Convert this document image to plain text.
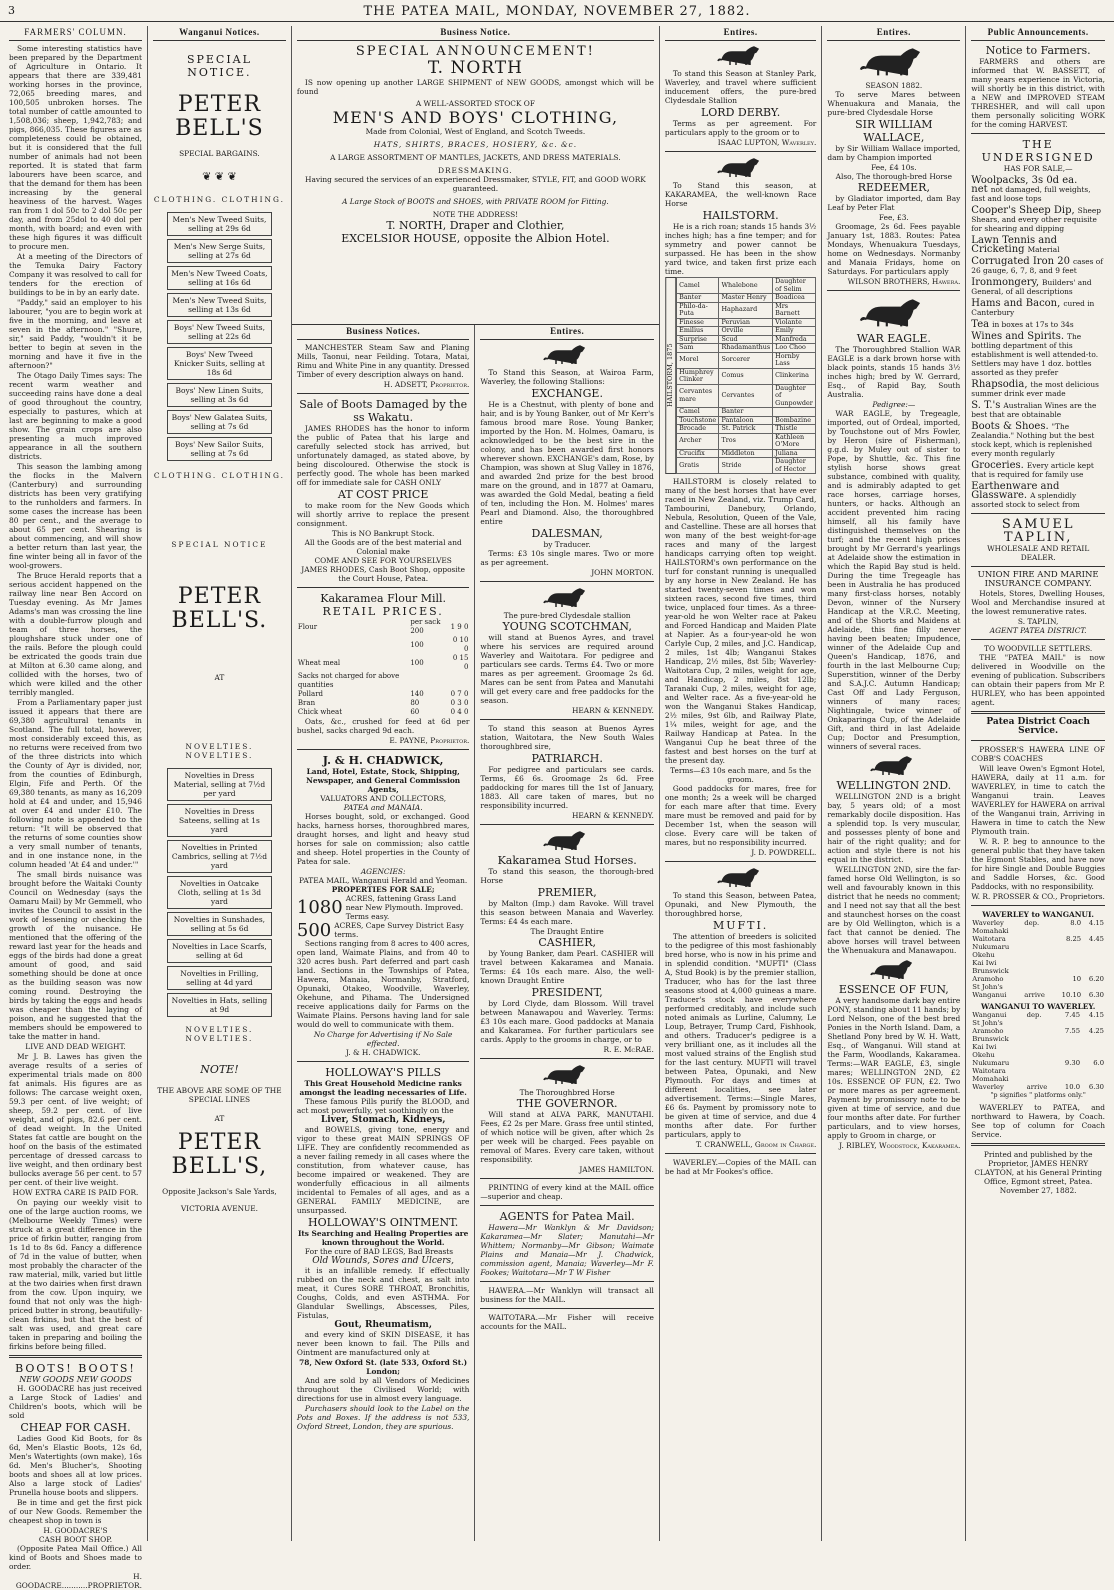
3	THE PATEA MAIL, MONDAY, NOVEMBER 27, 1882.
FARMERS' COLUMN.

Some interesting statistics have been prepared by the Department of Agriculture in Ontario. It appears that there are 339,481 working horses in the province, 72,065 breeding mares, and 100,505 unbroken horses. The total number of cattle amounted to 1,508,036; sheep, 1,942,783; and pigs, 866,035. These figures are as completeness could be obtained, but it is considered that the full number of animals had not been reported. It is stated that farm labourers have been scarce, and that the demand for them has been increasing by the general heaviness of the harvest. Wages ran from 1 dol 50c to 2 dol 50c per day, and from 25dol to 40 dol per month, with board; and even with these high figures it was difficult to procure men.

At a meeting of the Directors of the Temuka Dairy Factory Company it was resolved to call for tenders for the erection of buildings to be in by an early date.

"Paddy," said an employer to his labourer, "you are to begin work at five in the morning, and leave at seven in the afternoon." "Shure, sir," said Paddy, "wouldn't it be better to begin at seven in the morning and have it five in the afternoon?"

The Otago Daily Times says: The recent warm weather and succeeding rains have done a deal of good throughout the country, especially to pastures, which at last are beginning to make a good show. The grain crops are also presenting a much improved appearance in all the southern districts.

This season the lambing among the flocks in the Malvern (Canterbury) and surrounding districts has been very gratifying to the runholders and farmers. In some cases the increase has been 80 per cent., and the average to about 65 per cent. Shearing is about commencing, and will show a better return than last year, the fine winter being all in favor of the wool-growers.

The Bruce Herald reports that a serious accident happened on the railway line near Ben Accord on Tuesday evening. As Mr James Adams's man was crossing the line with a double-furrow plough and team of three horses, the ploughshare stuck under one of the rails. Before the plough could be extricated the goods train due at Milton at 6.30 came along, and collided with the horses, two of which were killed and the other terribly mangled.

From a Parliamentary paper just issued it appears that there are 69,380 agricultural tenants in Scotland. The full total, however, most considerably exceed this, as no returns were received from two of the three districts into which the County of Ayr is divided, nor, from the counties of Edinburgh, Elgin, Fife and Perth. Of the 69,380 tenants, as many as 16,209 hold at £4 and under, and 15,946 at over £4 and under £10. The following note is appended to the return: "It will be observed that the returns of some counties show a very small number of tenants, and in one instance none, in the column headed 'At £4 and under.'"

The small birds nuisance was brought before the Waitaki County Council on Wednesday (says the Oamaru Mail) by Mr Gemmell, who invites the Council to assist in the work of lessening or checking the growth of the nuisance. He mentioned that the offering of the reward last year for the heads and eggs of the birds had done a great amount of good, and said something should be done at once as the building season was now coming round. Destroying the birds by taking the eggs and heads was cheaper than the laying of poison, and he suggested that the members should be empowered to take the matter in hand.

LIVE AND DEAD WEIGHT.

Mr J. B. Lawes has given the average results of a series of experimental trials made on 800 fat animals. His figures are as follows: The carcase weight oxen, 59.3 per cent. of live weight; of sheep, 59.2 per cent. of live weight, and of pigs, 82.6 per cent. of dead weight. In the United States fat cattle are bought on the hoof on the basis of the estimated percentage of dressed carcass to live weight, and then ordinary best bullocks average 56 per cent. to 57 per cent. of their live weight.

HOW EXTRA CARE IS PAID FOR.

On paying our weekly visit to one of the large auction rooms, we (Melbourne Weekly Times) were struck at a great difference in the price of firkin butter, ranging from 1s 1d to 8s 6d. Fancy a difference of 7d in the value of butter, when most probably the character of the raw material, milk, varied but little at the two dairies when first drawn from the cow. Upon inquiry, we found that not only was the high-priced butter in strong, beautifully-clean firkins, but that the best of salt was used, and great care taken in preparing and boiling the firkins before being filled.

BOOTS! BOOTS!
NEW GOODS NEW GOODS

H. GOODACRE has just received a Large Stock of Ladies' and Children's boots, which will be sold

CHEAP FOR CASH.

Ladies Good Kid Boots, for 8s 6d, Men's Elastic Boots, 12s 6d, Men's Watertights (own make), 16s 6d. Men's Blucher's, Shooting boots and shoes all at low prices. Also a large stock of Ladies' Prunella house boots and slippers.

Be in time and get the first pick of our New Goods. Remember the cheapest shop in town is

H. GOODACRE'S
CASH BOOT SHOP.

(Opposite Patea Mail Office.) All kind of Boots and Shoes made to order.

H. GOODACRE...........PROPRIETOR.
Wanganui Notices.
SPECIAL NOTICE.
PETER BELL'S
SPECIAL BARGAINS.
❦ ❦ ❦
CLOTHING. CLOTHING.
Men's New Tweed Suits, selling at 29s 6d
Men's New Serge Suits, selling at 27s 6d
Men's New Tweed Coats, selling at 16s 6d
Men's New Tweed Suits, selling at 13s 6d
Boys' New Tweed Suits, selling at 22s 6d
Boys' New Tweed Knicker Suits, selling at 18s 6d
Boys' New Linen Suits, selling at 3s 6d
Boys' New Galatea Suits, selling at 7s 6d
Boys' New Sailor Suits, selling at 7s 6d
CLOTHING. CLOTHING.
SPECIAL NOTICE
PETER BELL'S.
AT
NOVELTIES. NOVELTIES.
Novelties in Dress Material, selling at 7½d per yard
Novelties in Dress Sateens, selling at 1s yard
Novelties in Printed Cambrics, selling at 7½d yard
Novelties in Oatcake Cloth, selling at 1s 3d yard
Novelties in Sunshades, selling at 5s 6d
Novelties in Lace Scarfs, selling at 6d
Novelties in Frilling, selling at 4d yard
Novelties in Hats, selling at 9d
NOVELTIES. NOVELTIES.
NOTE!
THE ABOVE ARE SOME OF THE SPECIAL LINES
AT
PETER BELL'S,
Opposite Jackson's Sale Yards,
VICTORIA AVENUE.
Business Notice.
SPECIAL ANNOUNCEMENT!
T. NORTH

IS now opening up another LARGE SHIPMENT of NEW GOODS, amongst which will be found

A WELL-ASSORTED STOCK OF
MEN'S AND BOYS' CLOTHING,
Made from Colonial, West of England, and Scotch Tweeds.
HATS, SHIRTS, BRACES, HOSIERY, &c. &c.
A LARGE ASSORTMENT OF MANTLES, JACKETS, AND DRESS MATERIALS.
DRESSMAKING.
Having secured the services of an experienced Dressmaker, STYLE, FIT, and GOOD WORK guaranteed.
A Large Stock of BOOTS and SHOES, with PRIVATE ROOM for Fitting.
NOTE THE ADDRESS!
T. NORTH, Draper and Clothier,
EXCELSIOR HOUSE, opposite the Albion Hotel.
Business Notices.

MANCHESTER Steam Saw and Planing Mills, Taonui, near Feilding. Totara, Matai, Rimu and White Pine in any quantity. Dressed Timber of every description always on hand.

H. ADSETT, Proprietor.
Sale of Boots Damaged by the ss Wakatu.

JAMES RHODES has the honor to inform the public of Patea that his large and carefully selected stock has arrived, but unfortunately damaged, as stated above, by being discoloured. Otherwise the stock is perfectly good. The whole has been marked off for immediate sale for CASH ONLY

AT COST PRICE

to make room for the New Goods which will shortly arrive to replace the present consignment.

This is NO Bankrupt Stock.
All the Goods are of the best material and Colonial make
COME AND SEE FOR YOURSELVES
JAMES RHODES, Cash Boot Shop, opposite the Court House, Patea.
Kakaramea Flour Mill.
RETAIL PRICES.
Flour	per sack 200	1 9 0
	100	0 10 0
Wheat meal	100	0 15 0
Sacks not charged for above quantities		
Pollard	140	0 7 0
Bran	80	0 3 0
Chick wheat	60	0 4 0

Oats, &c., crushed for feed at 6d per bushel, sacks charged 9d each.

E. PAYNE, Proprietor.
J. & H. CHADWICK,
Land, Hotel, Estate, Stock, Shipping, Newspaper, and General Commission Agents,
VALUATORS AND COLLECTORS,
PATEA and MANAIA.

Horses bought, sold, or exchanged. Good hacks, harness horses, thoroughbred mares, draught horses, and light and heavy stud horses for sale on commission; also cattle and sheep. Hotel properties in the County of Patea for sale.

AGENCIES:
PATEA MAIL, Wanganui Herald and Yeoman.
PROPERTIES FOR SALE;
1080 ACRES, fattening Grass Land near New Plymouth. Improved. Terms easy.
500 ACRES, Cape Survey District Easy terms.

Sections ranging from 8 acres to 400 acres, open land, Waimate Plains, and from 40 to 320 acres bush. Part deferred and part cash land. Sections in the Townships of Patea, Hawera, Manaia, Normanby, Stratford, Opunaki, Otakeo, Woodville, Waverley, Okehune, and Pihama. The Undersigned receive applications daily for Farms on the Waimate Plains. Persons having land for sale would do well to communicate with them.

No Charge for Advertising if No Sale effected.
J. & H. CHADWICK.
HOLLOWAY'S PILLS
This Great Household Medicine ranks amongst the leading necessaries of Life.

These famous Pills purify the BLOOD, and act most powerfully, yet soothingly on the

Liver, Stomach, Kidneys,

and BOWELS, giving tone, energy and vigor to these great MAIN SPRINGS OF LIFE. They are confidently recommended as a never failing remedy in all cases where the constitution, from whatever cause, has become impaired or weakened. They are wonderfully efficacious in all ailments incidental to Females of all ages, and as a GENERAL FAMILY MEDICINE, are unsurpassed.

HOLLOWAY'S OINTMENT.
Its Searching and Healing Properties are known throughout the World.

For the cure of BAD LEGS, Bad Breasts

Old Wounds, Sores and Ulcers,

it is an infallible remedy. If effectually rubbed on the neck and chest, as salt into meat, it Cures SORE THROAT, Bronchitis, Coughs, Colds, and even ASTHMA. For Glandular Swellings, Abscesses, Piles, Fistulas,

Gout, Rheumatism,

and every kind of SKIN DISEASE, it has never been known to fail. The Pills and Ointment are manufactured only at

78, New Oxford St. (late 533, Oxford St.) London;

And are sold by all Vendors of Medicines throughout the Civilised World; with directions for use in almost every language.

Purchasers should look to the Label on the Pots and Boxes. If the address is not 533, Oxford Street, London, they are spurious.

Entires.

To Stand this Season, at Wairoa Farm, Waverley, the following Stallions:

EXCHANGE.

He is a Chestnut, with plenty of bone and hair, and is by Young Banker, out of Mr Kerr's famous brood mare Rose. Young Banker, imported by the Hon. M. Holmes, Oamaru, is acknowledged to be the best sire in the colony, and has been awarded first honors wherever shown. EXCHANGE's dam, Rose, by Champion, was shown at Slug Valley in 1876, and awarded 2nd prize for the best brood mare on the ground, and in 1877 at Oamaru, was awarded the Gold Medal, beating a field of ten, including the Hon. M. Holmes' mares Pearl and Diamond. Also, the thoroughbred entire

DALESMAN,
by Traducer.

Terms: £3 10s single mares. Two or more as per agreement.

JOHN MORTON.
The pure-bred Clydesdale stallion
YOUNG SCOTCHMAN,

will stand at Buenos Ayres, and travel where his services are required around Waverley and Waitotara. For pedigree and particulars see cards. Terms £4. Two or more mares as per agreement. Groomage 2s 6d. Mares can be sent from Patea and Manutahi will get every care and free paddocks for the season.

HEARN & KENNEDY.

To stand this season at Buenos Ayres station, Waitotara, the New South Wales thoroughbred sire,

PATRIARCH.

For pedigree and particulars see cards. Terms, £6 6s. Groomage 2s 6d. Free paddocking for mares till the 1st of January, 1883. All care taken of mares, but no responsibility incurred.

HEARN & KENNEDY.
Kakaramea Stud Horses.

To stand this season, the thorough-bred Horse

PREMIER,

by Malton (Imp.) dam Ravoke. Will travel this season between Manaia and Waverley. Terms: £4 4s each mare.

The Draught Entire
CASHIER,

by Young Banker, dam Pearl. CASHIER will travel between Kakaramea and Manaia. Terms: £4 10s each mare. Also, the well-known Draught Entire

PRESIDENT,

by Lord Clyde, dam Blossom. Will travel between Manawapou and Waverley. Terms: £3 10s each mare. Good paddocks at Manaia and Kakaramea. For further particulars see cards. Apply to the grooms in charge, or to

R. E. McRAE.
The Thoroughbred Horse
THE GOVERNOR.

Will stand at ALVA PARK, MANUTAHI. Fees, £2 2s per Mare. Grass free until stinted, of which notice will be given, after which 2s per week will be charged. Fees payable on removal of Mares. Every care taken, without responsibility.

JAMES HAMILTON.

PRINTING of every kind at the MAIL office—superior and cheap.

AGENTS for Patea Mail.

Hawera—Mr Wanklyn & Mr Davidson; Kakaramea—Mr Slater; Manutahi—Mr Whittem; Normanby—Mr Gibson; Waimate Plains and Manaia—Mr J. Chadwick, commission agent, Manaia; Waverley—Mr F. Fookes; Waitotara—Mr T W Fisher

HAWERA.—Mr Wanklyn will transact all business for the MAIL.

WAITOTARA.—Mr Fisher will receive accounts for the MAIL.

Entires.

To stand this Season at Stanley Park, Waverley, and travel where sufficient inducement offers, the pure-bred Clydesdale Stallion

LORD DERBY.

Terms as per agreement. For particulars apply to the groom or to

ISAAC LUPTON, Waverley.

To Stand this season, at KAKARAMEA, the well-known Race Horse

HAILSTORM.

He is a rich roan; stands 15 hands 3½ inches high; has a fine temper; and for symmetry and power cannot be surpassed. He has been in the show yard twice, and taken first prize each time.

HAILSTORM, 1875
Camel	Whalebone	Daughter of Selim
Banter	Master Henry	Boadicea
Philo-da-Puta	Haphazard	Mrs Barnett
Finesse	Peruvian	Violante
Emilius	Orville	Emily
Surprise	Scud	Manfreda
Sam	Rhadamanthus	Loo Choo
Morel	Sorcerer	Hornby Lass
Humphrey Clinker	Comus	Clinkerina
Cervantes mare	Cervantes	Daughter of Gunpowder
Camel	Banter	
Touchstone	Pantaloon	Bombazine
Brocade	St. Patrick	Thistle
Archer	Tros	Kathleen O'More
Crucifix	Middleton	Juliana
Gratis	Stride	Daughter of Hector

HAILSTORM is closely related to many of the best horses that have ever raced in New Zealand, viz. Trump Card, Tambourini, Danebury, Orlando, Nebula, Resolution, Queen of the Vale, and Castelline. These are all horses that won many of the best weight-for-age races and many of the largest handicaps carrying often top weight. HAILSTORM's own performance on the turf for constant running is unequalled by any horse in New Zealand. He has started twenty-seven times and won sixteen races, second five times, third twice, unplaced four times. As a three-year-old he won Welter race at Pakeu and Forced Handicap and Maiden Plate at Napier. As a four-year-old he won Carlyle Cup, 2 miles, and J.C. Handicap, 2 miles, 1st 4lb; Wanganui Stakes Handicap, 2½ miles, 8st 5lb; Waverley-Waitotara Cup, 2 miles, weight for age, and Handicap, 2 miles, 8st 12lb; Taranaki Cup, 2 miles, weight for age, and Welter race. As a five-year-old he won the Wanganui Stakes Handicap, 2½ miles, 9st 6lb, and Railway Plate, 1¼ miles, weight for age, and the Railway Handicap at Patea. In the Wanganui Cup he beat three of the fastest and best horses on the turf at the present day.

Terms—£3 10s each mare, and 5s the groom.

Good paddocks for mares, free for one month; 2s a week will be charged for each mare after that time. Every mare must be removed and paid for by December 1st, when the season will close. Every care will be taken of mares, but no responsibility incurred.

J. D. POWDRELL.

To stand this Season, between Patea, Opunaki, and New Plymouth, the thoroughbred horse,

MUFTI.

The attention of breeders is solicited to the pedigree of this most fashionably bred horse, who is now in his prime and in splendid condition. "MUFTI" (Class A, Stud Book) is by the premier stallion, Traducer, who has for the last three seasons stood at 4,000 guineas a mare. Traducer's stock have everywhere performed creditably, and include such noted animals as Lurline, Calumny, Le Loup, Betrayer, Trump Card, Fishhook, and others. Traducer's pedigree is a very brilliant one, as it includes all the most valued strains of the English stud for the last century. MUFTI will travel between Patea, Opunaki, and New Plymouth. For days and times at different localities, see later advertisement. Terms:—Single Mares, £6 6s. Payment by promissory note to be given at time of service, and due 4 months after date. For further particulars, apply to

T. CRANWELL, Groom in Charge.

WAVERLEY.—Copies of the MAIL can be had at Mr Fookes's office.

Entires.
SEASON 1882.

To serve Mares between Whenuakura and Manaia, the pure-bred Clydesdale Horse

SIR WILLIAM WALLACE,

by Sir William Wallace imported, dam by Champion imported

Fee, £4 10s.
Also, The thorough-bred Horse
REDEEMER,

by Gladiator imported, dam Bay Leaf by Peter Flat

Fee, £3.

Groomage, 2s 6d. Fees payable January 1st, 1883. Routes: Patea Mondays, Whenuakura Tuesdays, home on Wednesdays. Normanby and Manaia Fridays, home on Saturdays. For particulars apply

WILSON BROTHERS, Hawera.
WAR EAGLE.

The Thoroughbred Stallion WAR EAGLE is a dark brown horse with black points, stands 15 hands 3½ inches high; bred by W. Gerrard, Esq., of Rapid Bay, South Australia.

Pedigree:—

WAR EAGLE, by Tregeagle, imported, out of Ordeal, imported, by Touchstone out of Mrs Fowler, by Heron (sire of Fisherman), g.g.d. by Muley out of sister to Pope, by Shuttle, &c. This fine stylish horse shows great substance, combined with quality, and is admirably adapted to get race horses, carriage horses, hunters, or hacks. Although an accident prevented him racing himself, all his family have distinguished themselves on the turf; and the recent high prices brought by Mr Gerrard's yearlings at Adelaide show the estimation in which the Rapid Bay stud is held. During the time Tregeagle has been in Australia he has produced many first-class horses, notably Devon, winner of the Nursery Handicap at the V.R.C. Meeting, and of the Shorts and Maidens at Adelaide, this fine filly never having been beaten; Impudence, winner of the Adelaide Cup and Queen's Handicap, 1876, and fourth in the last Melbourne Cup; Superstition, winner of the Derby and S.A.J.C. Autumn Handicap; Cast Off and Lady Ferguson, winners of many races; Nightingale, twice winner of Onkaparinga Cup, of the Adelaide Gift, and third in last Adelaide Cup; Doctor and Presumption, winners of several races.

WELLINGTON 2ND.

WELLINGTON 2ND is a bright bay, 5 years old; of a most remarkably docile disposition. Has a splendid top. Is very muscular, and possesses plenty of bone and hair of the right quality; and for action and style there is not his equal in the district.

WELLINGTON 2ND, sire the far-famed horse Old Wellington, is so well and favourably known in this district that he needs no comment; and I need not say that all the best and staunchest horses on the coast are by Old Wellington, which is a fact that cannot be denied. The above horses will travel between the Whenuakura and Manawapou.

ESSENCE OF FUN,

A very handsome dark bay entire PONY, standing about 11 hands; by Lord Nelson, one of the best bred Ponies in the North Island. Dam, a Shetland Pony bred by W. H. Watt, Esq., of Wanganui. Will stand at the Farm, Woodlands, Kakaramea. Terms:—WAR EAGLE, £3, single mares; WELLINGTON 2ND, £2 10s. ESSENCE OF FUN, £2. Two or more mares as per agreement. Payment by promissory note to be given at time of service, and due four months after date. For further particulars, and to view horses, apply to Groom in charge, or

J. RIBLEY, Woodstock, Kakaramea.
Public Announcements.
Notice to Farmers.

FARMERS and others are informed that W. BASSETT, of many years experience in Victoria, will shortly be in this district, with a NEW and IMPROVED STEAM THRESHER, and will call upon them personally soliciting WORK for the coming HARVEST.

THE UNDERSIGNED
HAS FOR SALE,—
Woolpacks, 3s 0d ea. net not damaged, full weights, fast and loose tops
Cooper's Sheep Dip, Sheep Shears, and every other requisite for shearing and dipping
Lawn Tennis and Cricketing Material
Corrugated Iron 20 cases of 26 gauge, 6, 7, 8, and 9 feet
Ironmongery, Builders' and General, of all descriptions
Hams and Bacon, cured in Canterbury
Tea in boxes at 17s to 34s
Wines and Spirits. The bottling department of this establishment is well attended-to. Settlers may have 1 doz. bottles assorted as they prefer
Rhapsodia, the most delicious summer drink ever made
S. T.'s Australian Wines are the best that are obtainable
Boots & Shoes. "The Zealandia." Nothing but the best stock kept, which is replenished every month regularly
Groceries. Every article kept that is required for family use
Earthenware and Glassware. A splendidly assorted stock to select from
SAMUEL TAPLIN,
WHOLESALE AND RETAIL DEALER.
UNION FIRE AND MARINE INSURANCE COMPANY.

Hotels, Stores, Dwelling Houses, Wool and Merchandise insured at the lowest remunerative rates.

S. TAPLIN,
AGENT PATEA DISTRICT.
TO WOODVILLE SETTLERS.

THE "PATEA MAIL" is now delivered in Woodville on the evening of publication. Subscribers can obtain their papers from Mr P. HURLEY, who has been appointed agent.

Patea District Coach Service.

PROSSER'S HAWERA LINE OF COBB'S COACHES

Will leave Owen's Egmont Hotel, HAWERA, daily at 11 a.m. for WAVERLEY, in time to catch the Wanganui train. Leaves WAVERLEY for HAWERA on arrival of the Wanganui train, Arriving in Hawera in time to catch the New Plymouth train.

W. R. P. beg to announce to the general public that they have taken the Egmont Stables, and have now for hire Single and Double Buggies and Saddle Horses, &c. Good Paddocks, with no responsibility.

W. R. PROSSER & CO., Proprietors.
WAVERLEY to WANGANUI.
Waverley	dep.	8.0	4.15
Momahaki			
Waitotara		8.25	4.45
Nukumaru			
Okehu			
Kai Iwi			
Brunswick			
Aramoho		10	6.20
St John's			
Wanganui	arrive	10.10	6.30
WANGANUI TO WAVERLEY.
Wanganui	dep.	7.45	4.15
St John's			
Aramoho		7.55	4.25
Brunswick			
Kai Iwi			
Okehu			
Nukumaru		9.30	6.0
Waitotara			
Momahaki			
Waverley	arrive	10.0	6.30
"p signifies " platforms only."

WAVERLEY to PATEA, and northward to Hawera, by Coach. See top of column for Coach Service.

Printed and published by the Proprietor, JAMES HENRY CLAYTON, at his General Printing Office, Egmont street, Patea. November 27, 1882.
